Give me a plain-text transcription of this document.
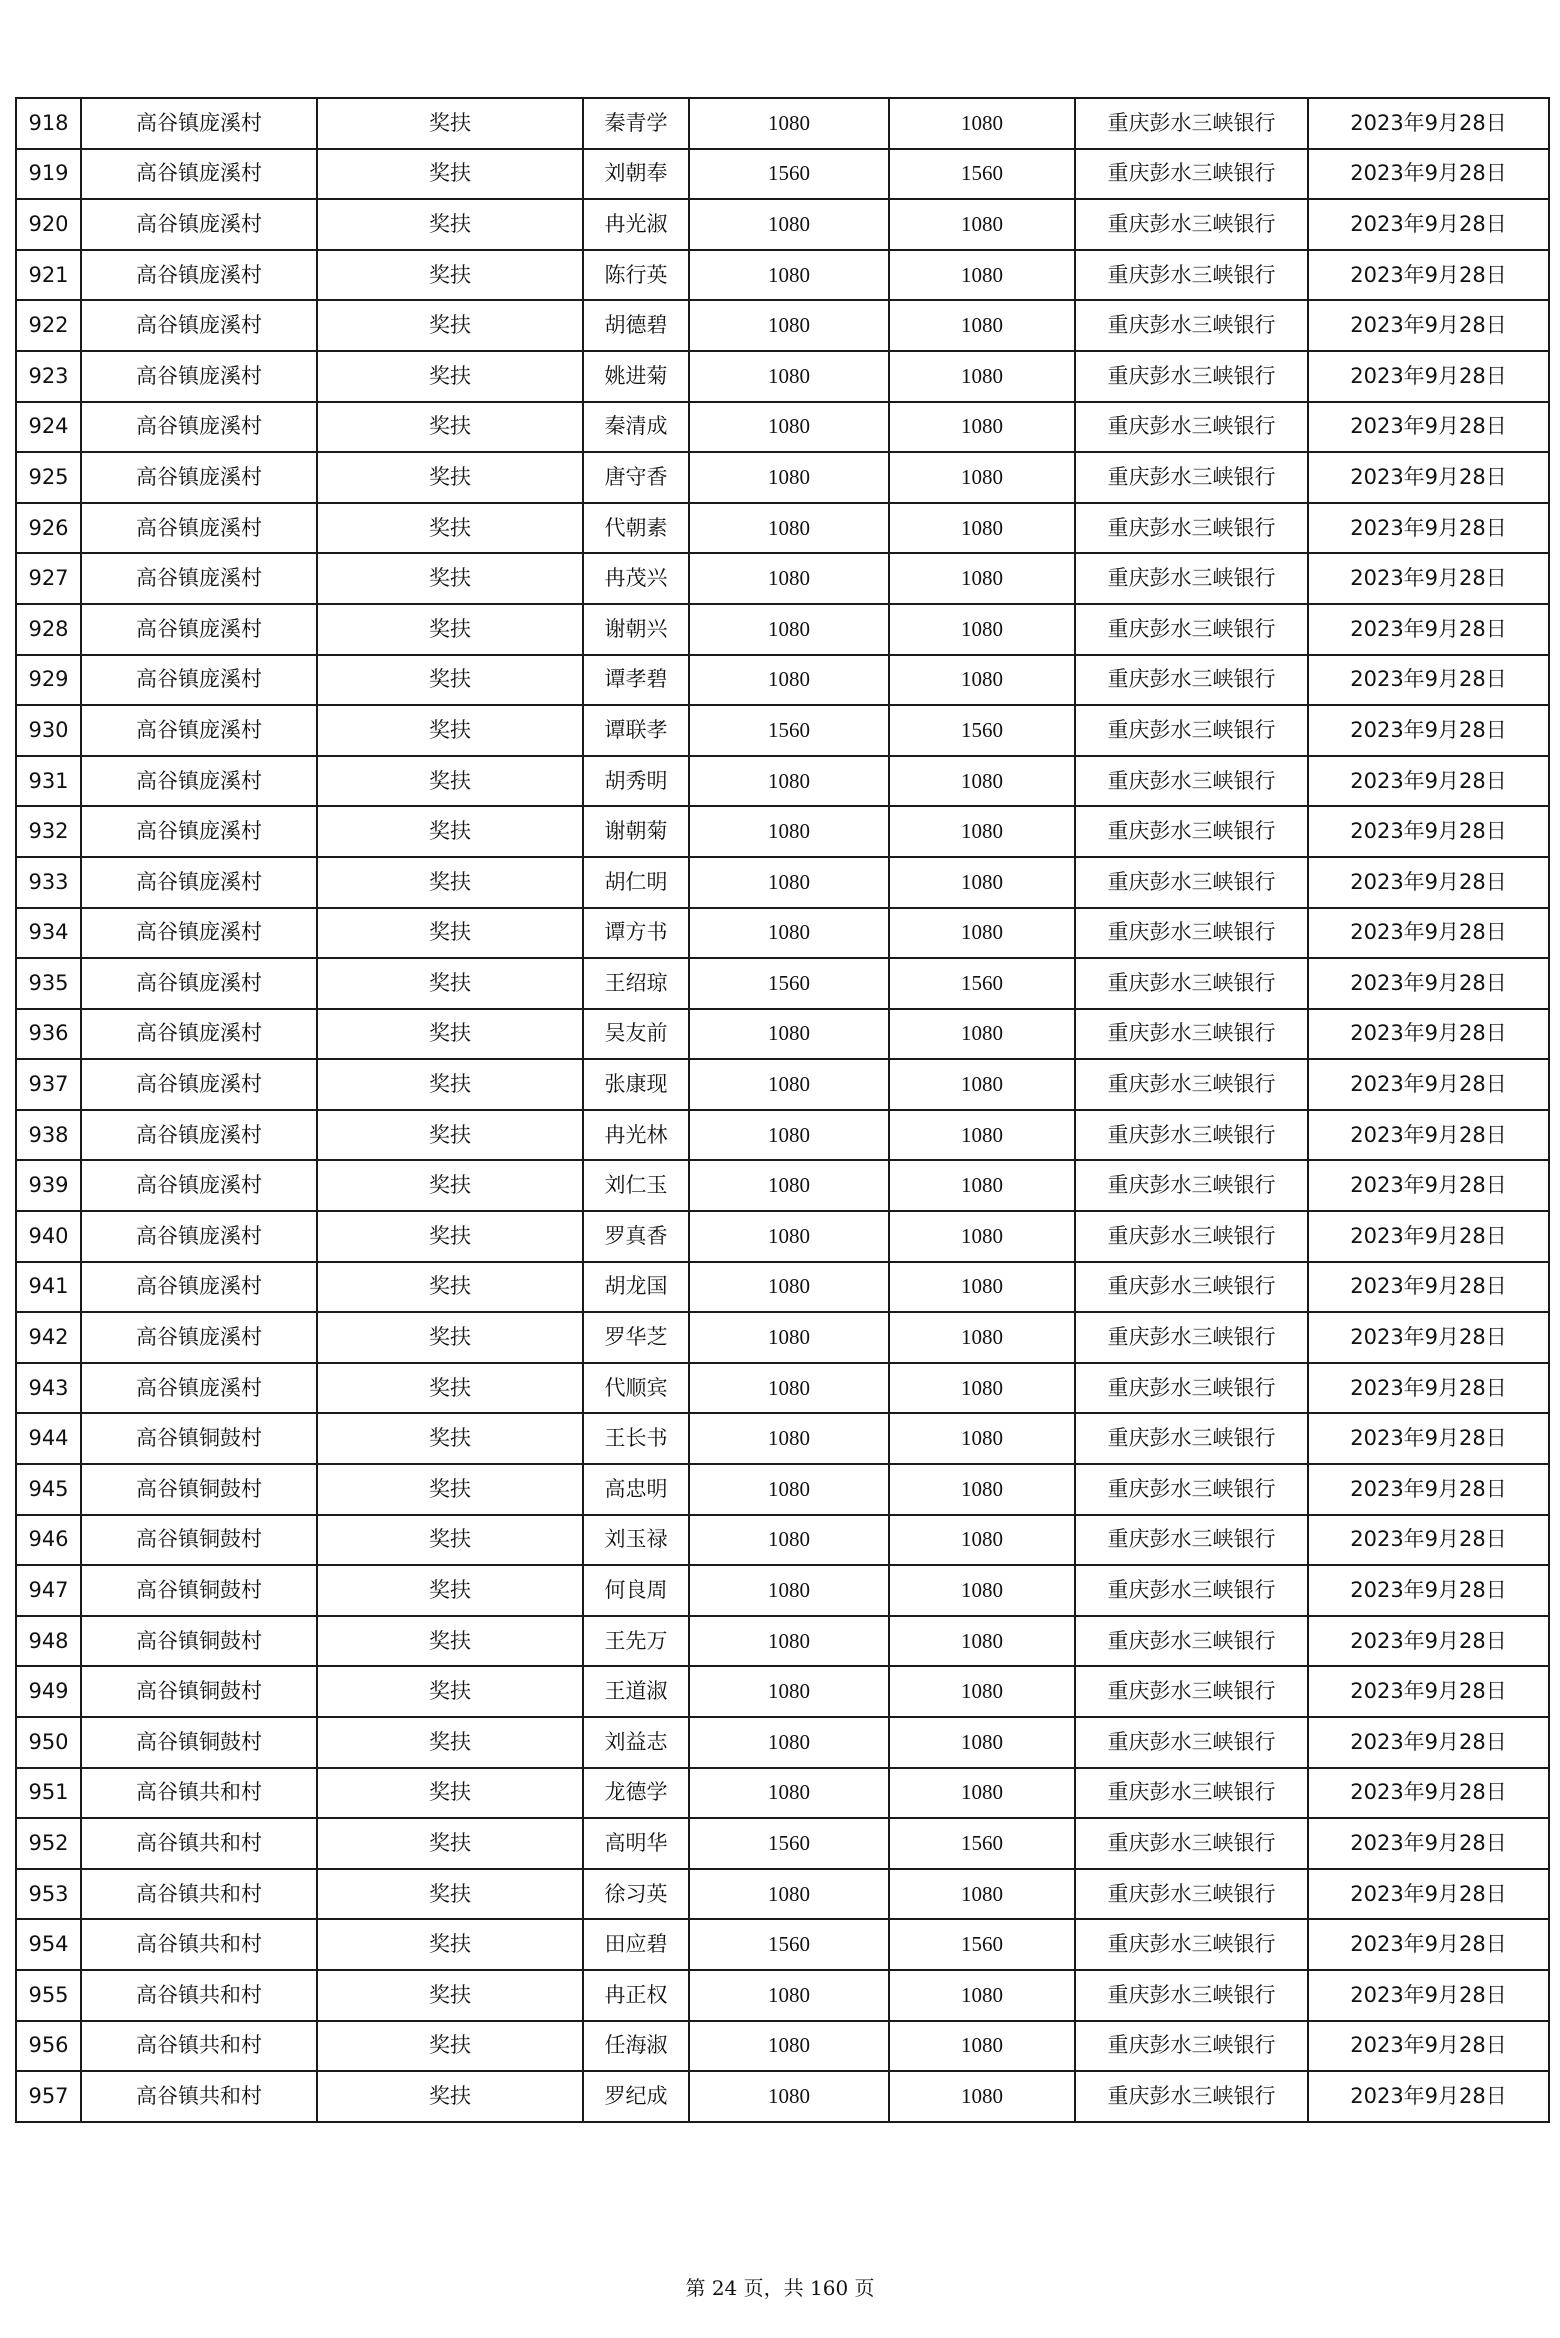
918	高谷镇庞溪村	奖扶	秦青学	1080	1080	重庆彭水三峡银行	2023年9月28日
919	高谷镇庞溪村	奖扶	刘朝奉	1560	1560	重庆彭水三峡银行	2023年9月28日
920	高谷镇庞溪村	奖扶	冉光淑	1080	1080	重庆彭水三峡银行	2023年9月28日
921	高谷镇庞溪村	奖扶	陈行英	1080	1080	重庆彭水三峡银行	2023年9月28日
922	高谷镇庞溪村	奖扶	胡德碧	1080	1080	重庆彭水三峡银行	2023年9月28日
923	高谷镇庞溪村	奖扶	姚进菊	1080	1080	重庆彭水三峡银行	2023年9月28日
924	高谷镇庞溪村	奖扶	秦清成	1080	1080	重庆彭水三峡银行	2023年9月28日
925	高谷镇庞溪村	奖扶	唐守香	1080	1080	重庆彭水三峡银行	2023年9月28日
926	高谷镇庞溪村	奖扶	代朝素	1080	1080	重庆彭水三峡银行	2023年9月28日
927	高谷镇庞溪村	奖扶	冉茂兴	1080	1080	重庆彭水三峡银行	2023年9月28日
928	高谷镇庞溪村	奖扶	谢朝兴	1080	1080	重庆彭水三峡银行	2023年9月28日
929	高谷镇庞溪村	奖扶	谭孝碧	1080	1080	重庆彭水三峡银行	2023年9月28日
930	高谷镇庞溪村	奖扶	谭联孝	1560	1560	重庆彭水三峡银行	2023年9月28日
931	高谷镇庞溪村	奖扶	胡秀明	1080	1080	重庆彭水三峡银行	2023年9月28日
932	高谷镇庞溪村	奖扶	谢朝菊	1080	1080	重庆彭水三峡银行	2023年9月28日
933	高谷镇庞溪村	奖扶	胡仁明	1080	1080	重庆彭水三峡银行	2023年9月28日
934	高谷镇庞溪村	奖扶	谭方书	1080	1080	重庆彭水三峡银行	2023年9月28日
935	高谷镇庞溪村	奖扶	王绍琼	1560	1560	重庆彭水三峡银行	2023年9月28日
936	高谷镇庞溪村	奖扶	吴友前	1080	1080	重庆彭水三峡银行	2023年9月28日
937	高谷镇庞溪村	奖扶	张康现	1080	1080	重庆彭水三峡银行	2023年9月28日
938	高谷镇庞溪村	奖扶	冉光林	1080	1080	重庆彭水三峡银行	2023年9月28日
939	高谷镇庞溪村	奖扶	刘仁玉	1080	1080	重庆彭水三峡银行	2023年9月28日
940	高谷镇庞溪村	奖扶	罗真香	1080	1080	重庆彭水三峡银行	2023年9月28日
941	高谷镇庞溪村	奖扶	胡龙国	1080	1080	重庆彭水三峡银行	2023年9月28日
942	高谷镇庞溪村	奖扶	罗华芝	1080	1080	重庆彭水三峡银行	2023年9月28日
943	高谷镇庞溪村	奖扶	代顺宾	1080	1080	重庆彭水三峡银行	2023年9月28日
944	高谷镇铜鼓村	奖扶	王长书	1080	1080	重庆彭水三峡银行	2023年9月28日
945	高谷镇铜鼓村	奖扶	高忠明	1080	1080	重庆彭水三峡银行	2023年9月28日
946	高谷镇铜鼓村	奖扶	刘玉禄	1080	1080	重庆彭水三峡银行	2023年9月28日
947	高谷镇铜鼓村	奖扶	何良周	1080	1080	重庆彭水三峡银行	2023年9月28日
948	高谷镇铜鼓村	奖扶	王先万	1080	1080	重庆彭水三峡银行	2023年9月28日
949	高谷镇铜鼓村	奖扶	王道淑	1080	1080	重庆彭水三峡银行	2023年9月28日
950	高谷镇铜鼓村	奖扶	刘益志	1080	1080	重庆彭水三峡银行	2023年9月28日
951	高谷镇共和村	奖扶	龙德学	1080	1080	重庆彭水三峡银行	2023年9月28日
952	高谷镇共和村	奖扶	高明华	1560	1560	重庆彭水三峡银行	2023年9月28日
953	高谷镇共和村	奖扶	徐习英	1080	1080	重庆彭水三峡银行	2023年9月28日
954	高谷镇共和村	奖扶	田应碧	1560	1560	重庆彭水三峡银行	2023年9月28日
955	高谷镇共和村	奖扶	冉正权	1080	1080	重庆彭水三峡银行	2023年9月28日
956	高谷镇共和村	奖扶	任海淑	1080	1080	重庆彭水三峡银行	2023年9月28日
957	高谷镇共和村	奖扶	罗纪成	1080	1080	重庆彭水三峡银行	2023年9月28日
第 24 页，共 160 页
